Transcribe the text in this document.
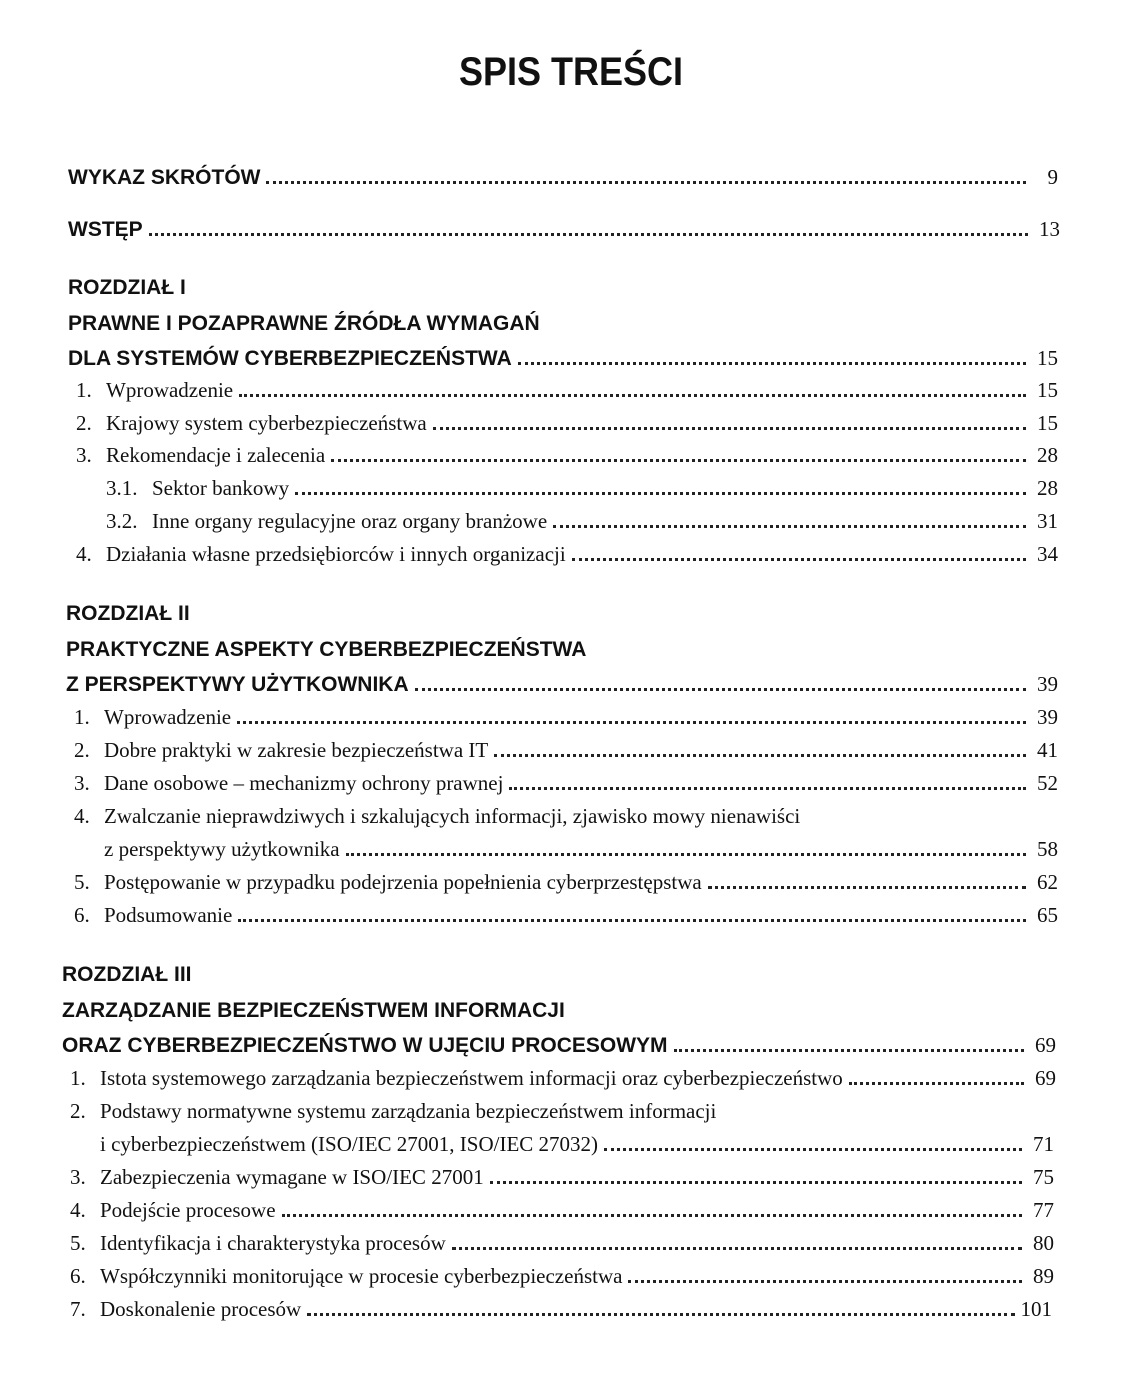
SPIS TREŚCI
WYKAZ SKRÓTÓW	9
WSTĘP	13
ROZDZIAŁ I
PRAWNE I POZAPRAWNE ŹRÓDŁA WYMAGAŃ
DLA SYSTEMÓW CYBERBEZPIECZEŃSTWA	15
1. Wprowadzenie	15
2. Krajowy system cyberbezpieczeństwa	15
3. Rekomendacje i zalecenia	28
3.1. Sektor bankowy	28
3.2. Inne organy regulacyjne oraz organy branżowe	31
4. Działania własne przedsiębiorców i innych organizacji	34
ROZDZIAŁ II
PRAKTYCZNE ASPEKTY CYBERBEZPIECZEŃSTWA
Z PERSPEKTYWY UŻYTKOWNIKA	39
1. Wprowadzenie	39
2. Dobre praktyki w zakresie bezpieczeństwa IT	41
3. Dane osobowe – mechanizmy ochrony prawnej	52
4. Zwalczanie nieprawdziwych i szkalujących informacji, zjawisko mowy nienawiści
z perspektywy użytkownika	58
5. Postępowanie w przypadku podejrzenia popełnienia cyberprzestępstwa	62
6. Podsumowanie	65
ROZDZIAŁ III
ZARZĄDZANIE BEZPIECZEŃSTWEM INFORMACJI
ORAZ CYBERBEZPIECZEŃSTWO W UJĘCIU PROCESOWYM	69
1. Istota systemowego zarządzania bezpieczeństwem informacji oraz cyberbezpieczeństwo	69
2. Podstawy normatywne systemu zarządzania bezpieczeństwem informacji
i cyberbezpieczeństwem (ISO/IEC 27001, ISO/IEC 27032)	71
3. Zabezpieczenia wymagane w ISO/IEC 27001	75
4. Podejście procesowe	77
5. Identyfikacja i charakterystyka procesów	80
6. Współczynniki monitorujące w procesie cyberbezpieczeństwa	89
7. Doskonalenie procesów	101
